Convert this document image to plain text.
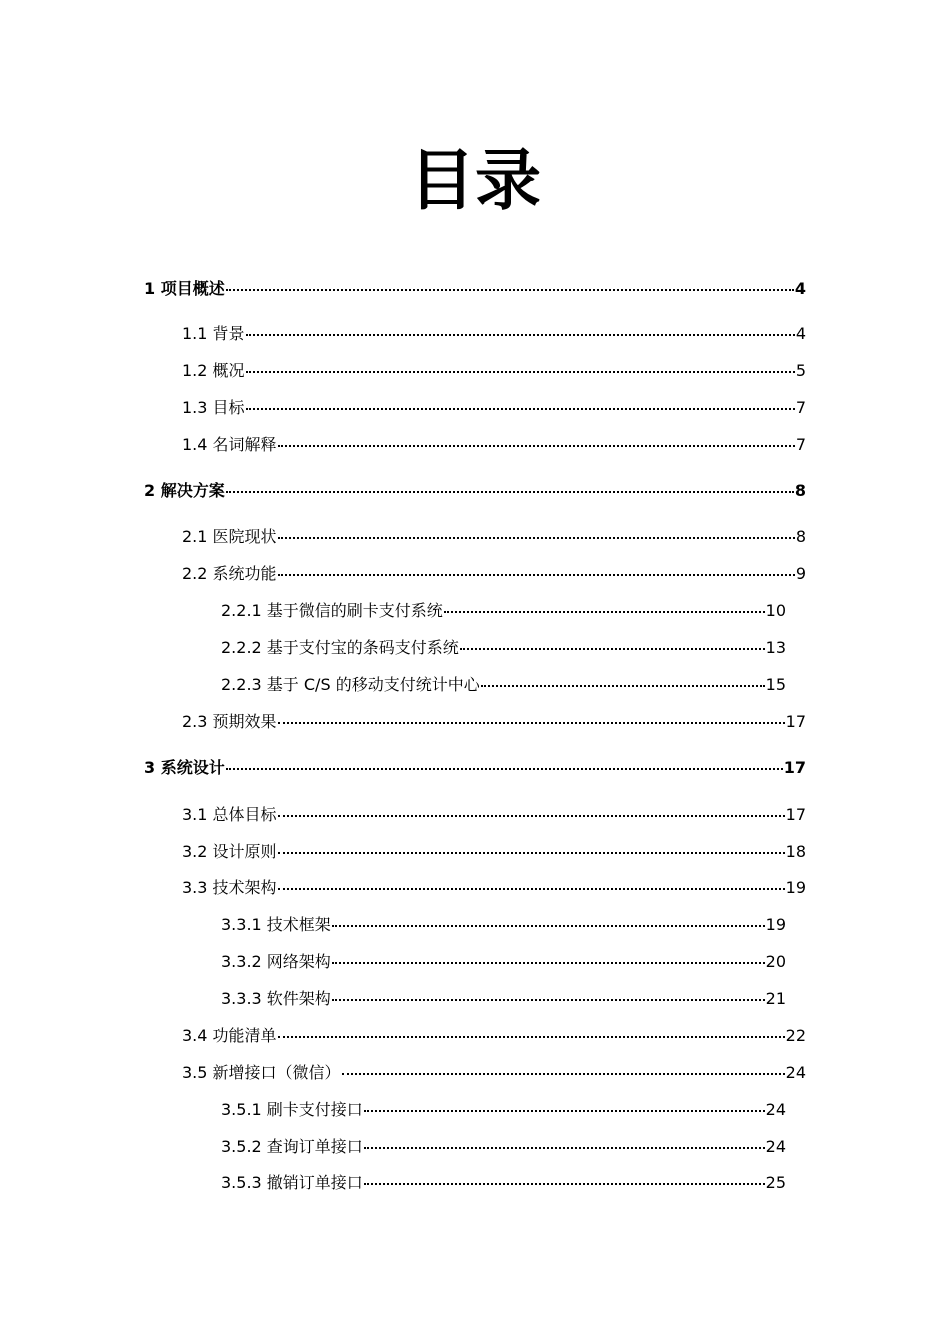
目录
1 项目概述	4
1.1 背景	4
1.2 概况	5
1.3 目标	7
1.4 名词解释	7
2 解决方案	8
2.1 医院现状	8
2.2 系统功能	9
2.2.1 基于微信的刷卡支付系统	10
2.2.2 基于支付宝的条码支付系统	13
2.2.3 基于 C/S 的移动支付统计中心	15
2.3 预期效果	17
3 系统设计	17
3.1 总体目标	17
3.2 设计原则	18
3.3 技术架构	19
3.3.1 技术框架	19
3.3.2 网络架构	20
3.3.3 软件架构	21
3.4 功能清单	22
3.5 新增接口（微信）	24
3.5.1 刷卡支付接口	24
3.5.2 查询订单接口	24
3.5.3 撤销订单接口	25
